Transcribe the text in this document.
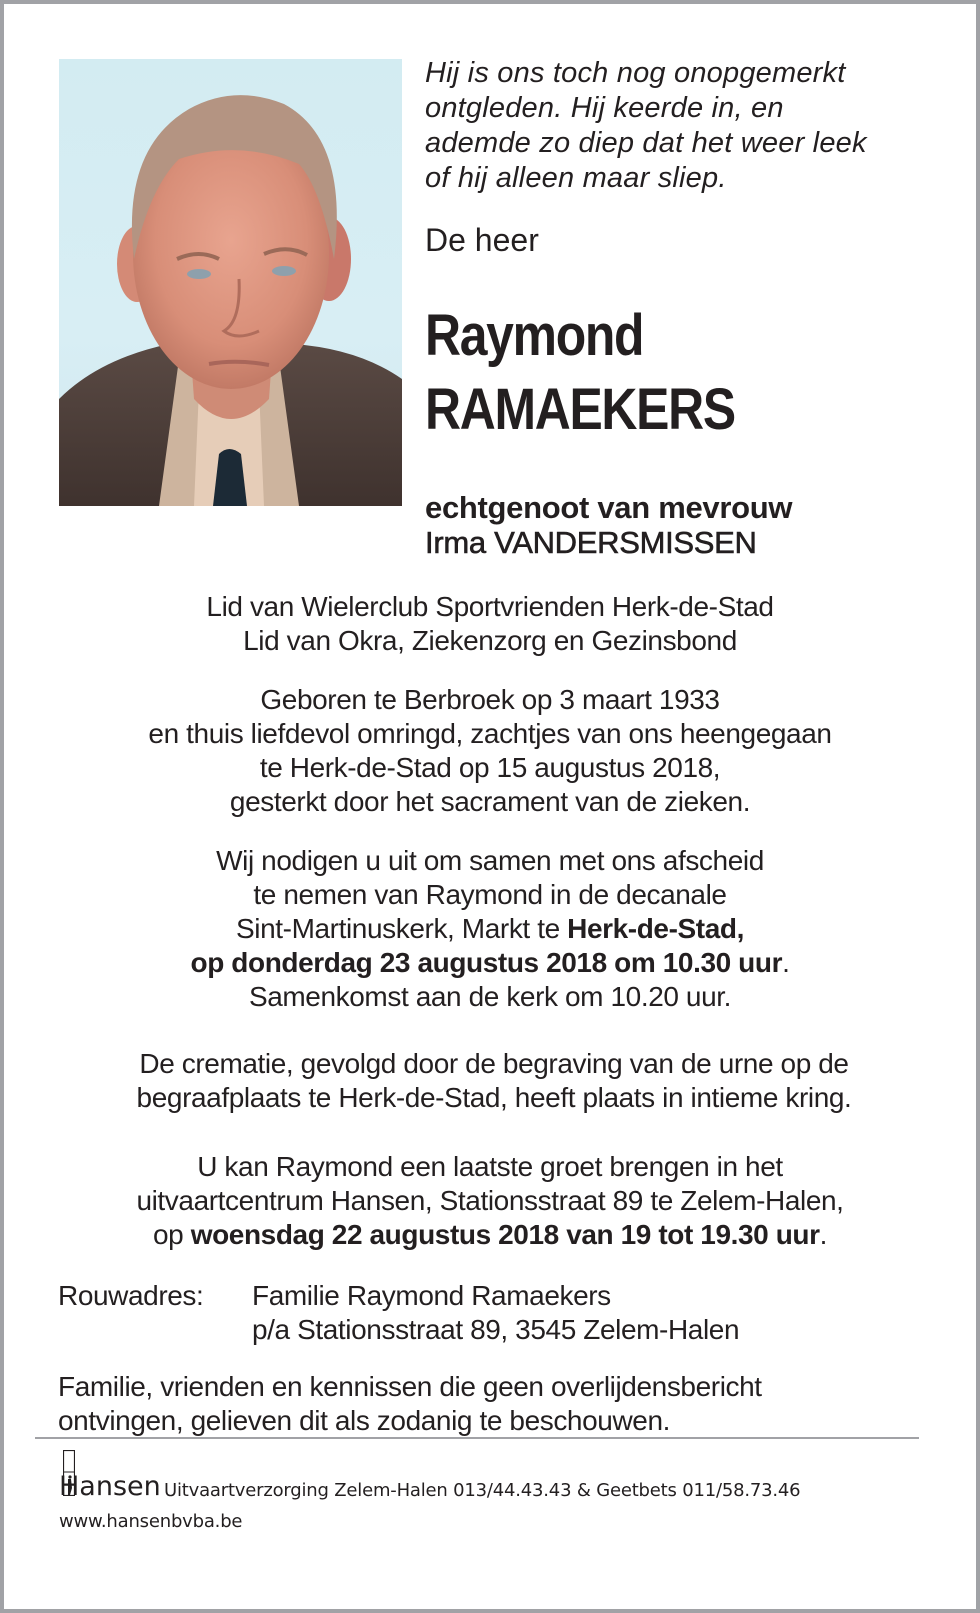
Hij is ons toch nog onopgemerkt
ontgleden. Hij keerde in, en
ademde zo diep dat het weer leek
of hij alleen maar sliep.
De heer
Raymond
RAMAEKERS
echtgenoot van mevrouw
Irma VANDERSMISSEN
Lid van Wielerclub Sportvrienden Herk-de-Stad
Lid van Okra, Ziekenzorg en Gezinsbond
Geboren te Berbroek op 3 maart 1933
en thuis liefdevol omringd, zachtjes van ons heengegaan
te Herk-de-Stad op 15 augustus 2018,
gesterkt door het sacrament van de zieken.
Wij nodigen u uit om samen met ons afscheid
te nemen van Raymond in de decanale
Sint-Martinuskerk, Markt te Herk-de-Stad,
op donderdag 23 augustus 2018 om 10.30 uur.
Samenkomst aan de kerk om 10.20 uur.
De crematie, gevolgd door de begraving van de urne op de
begraafplaats te Herk-de-Stad, heeft plaats in intieme kring.
U kan Raymond een laatste groet brengen in het
uitvaartcentrum Hansen, Stationsstraat 89 te Zelem-Halen,
op woensdag 22 augustus 2018 van 19 tot 19.30 uur.
Rouwadres: Familie Raymond Ramaekers
p/a Stationsstraat 89, 3545 Zelem-Halen
Familie, vrienden en kennissen die geen overlijdensbericht
ontvingen, gelieven dit als zodanig te beschouwen.
Hansen Uitvaartverzorging Zelem-Halen 013/44.43.43 & Geetbets 011/58.73.46
www.hansenbvba.be
